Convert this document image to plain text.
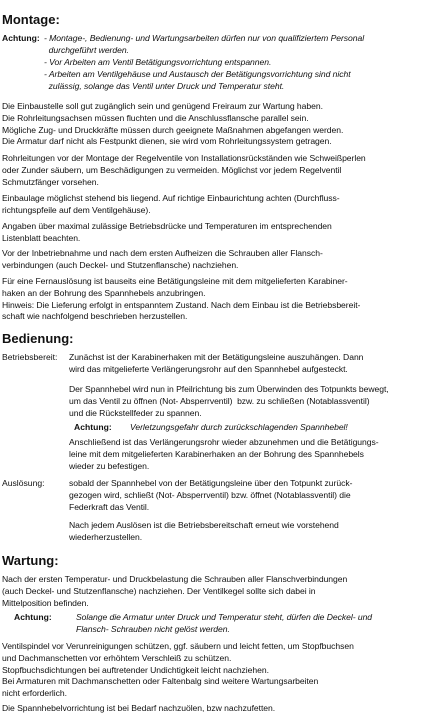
Montage:
Achtung: - Montage-, Bedienung- und Wartungsarbeiten dürfen nur von qualifiziertem Personal
durchgeführt werden.

- Vor Arbeiten am Ventil Betätigungsvorrichtung entspannen.

- Arbeiten am Ventilgehäuse und Austausch der Betätigungsvorrichtung sind nicht
zulässig, solange das Ventil unter Druck und Temperatur steht.

Die Einbaustelle soll gut zugänglich sein und genügend Freiraum zur Wartung haben.
Die Rohrleitungsachsen müssen fluchten und die Anschlussflansche parallel sein.
Mögliche Zug- und Druckkräfte müssen durch geeignete Maßnahmen abgefangen werden.
Die Armatur darf nicht als Festpunkt dienen, sie wird vom Rohrleitungssystem getragen.

Rohrleitungen vor der Montage der Regelventile von Installationsrückständen wie Schweißperlen
oder Zunder säubern, um Beschädigungen zu vermeiden. Möglichst vor jedem Regelventil
Schmutzfänger vorsehen.

Einbaulage möglichst stehend bis liegend. Auf richtige Einbaurichtung achten (Durchfluss-
richtungspfeile auf dem Ventilgehäuse).

Angaben über maximal zulässige Betriebsdrücke und Temperaturen im entsprechenden
Listenblatt beachten.

Vor der Inbetriebnahme und nach dem ersten Aufheizen die Schrauben aller Flansch-
verbindungen (auch Deckel- und Stutzenflansche) nachziehen.

Für eine Fernauslösung ist bauseits eine Betätigungsleine mit dem mitgelieferten Karabiner-
haken an der Bohrung des Spannhebels anzubringen.
Hinweis: Die Lieferung erfolgt in entspanntem Zustand. Nach dem Einbau ist die Betriebsbereit-
schaft wie nachfolgend beschrieben herzustellen.

Bedienung:
Betriebsbereit: Zunächst ist der Karabinerhaken mit der Betätigungsleine auszuhängen. Dann
wird das mitgelieferte Verlängerungsrohr auf den Spannhebel aufgesteckt.

Der Spannhebel wird nun in Pfeilrichtung bis zum Überwinden des Totpunkts bewegt,
um das Ventil zu öffnen (Not- Absperrventil)  bzw. zu schließen (Notablassventil)
und die Rückstellfeder zu spannen.

Achtung: Verletzungsgefahr durch zurückschlagenden Spannhebel!

Anschließend ist das Verlängerungsrohr wieder abzunehmen und die Betätigungs-
leine mit dem mitgelieferten Karabinerhaken an der Bohrung des Spannhebels
wieder zu befestigen.

Auslösung:	sobald der Spannhebel von der Betätigungsleine über den Totpunkt zurück-
gezogen wird, schließt (Not- Absperrventil) bzw. öffnet (Notablassventil) die
Federkraft das Ventil.

Nach jedem Auslösen ist die Betriebsbereitschaft erneut wie vorstehend
wiederherzustellen.

Wartung:

Nach der ersten Temperatur- und Druckbelastung die Schrauben aller Flanschverbindungen
(auch Deckel- und Stutzenflansche) nachziehen. Der Ventilkegel sollte sich dabei in
Mittelposition befinden.

Achtung:	Solange die Armatur unter Druck und Temperatur steht, dürfen die Deckel- und
Flansch- Schrauben nicht gelöst werden.

Ventilspindel vor Verunreinigungen schützen, ggf. säubern und leicht fetten, um Stopfbuchsen
und Dachmanschetten vor erhöhtem Verschleiß zu schützen.
Stopfbuchsdichtungen bei auftretender Undichtigkeit leicht nachziehen.
Bei Armaturen mit Dachmanschetten oder Faltenbalg sind weitere Wartungsarbeiten
nicht erforderlich.

Die Spannhebelvorrichtung ist bei Bedarf nachzuölen, bzw nachzufetten.
